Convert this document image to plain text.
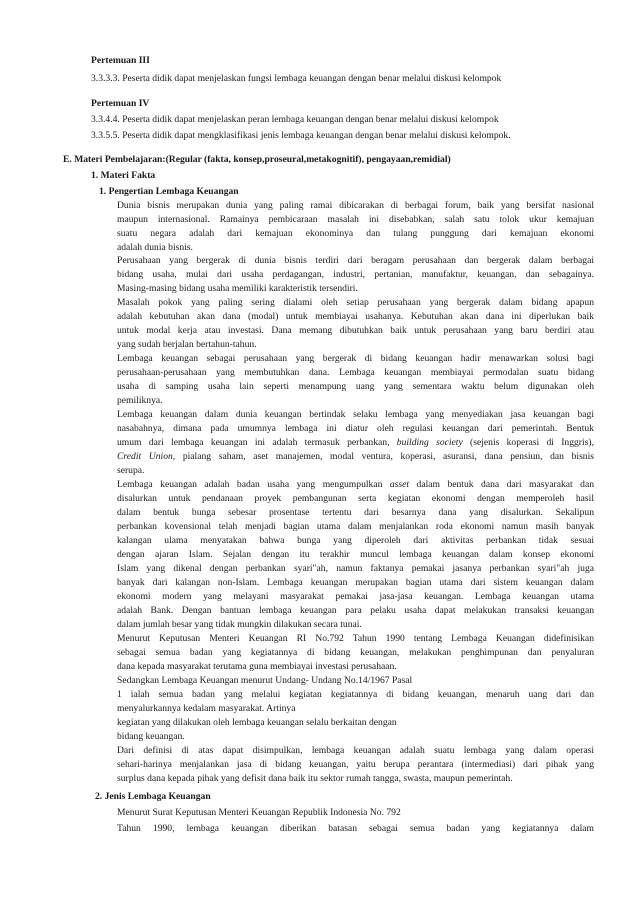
Pertemuan III

3.3.3.3. Peserta didik dapat menjelaskan fungsi lembaga keuangan dengan benar melalui diskusi kelompok

Pertemuan IV

3.3.4.4. Peserta didik dapat menjelaskan peran lembaga keuangan dengan benar melalui diskusi kelompok

3.3.5.5. Peserta didik dapat mengklasifikasi jenis lembaga keuangan dengan benar melalui diskusi kelompok.

E. Materi Pembelajaran:(Regular (fakta, konsep,proseural,metakognitif), pengayaan,remidial)

1. Materi Fakta

1. Pengertian Lembaga Keuangan

Dunia bisnis merupakan dunia yang paling ramai dibicarakan di berbagai forum, baik yang bersifat nasional

maupun internasional. Ramainya pembicaraan masalah ini disebabkan, salah satu tolok ukur kemajuan

suatu negara adalah dari kemajuan ekonominya dan tulang punggung dari kemajuan ekonomi

adalah dunia bisnis.

Perusahaan yang bergerak di dunia bisnis terdiri dari beragam perusahaan dan bergerak dalam berbagai

bidang usaha, mulai dari usaha perdagangan, industri, pertanian, manufaktur, keuangan, dan sebagainya.

Masing-masing bidang usaha memiliki karakteristik tersendiri.

Masalah pokok yang paling sering dialami oleh setiap perusahaan yang bergerak dalam bidang apapun

adalah kebutuhan akan dana (modal) untuk membiayai usahanya. Kebutuhan akan dana ini diperlukan baik

untuk modal kerja atau investasi. Dana memang dibutuhkan baik untuk perusahaan yang baru berdiri atau

yang sudah berjalan bertahun-tahun.

Lembaga keuangan sebagai perusahaan yang bergerak di bidang keuangan hadir menawarkan solusi bagi

perusahaan-perusahaan yang membutuhkan dana. Lembaga keuangan membiayai permodalan suatu bidang

usaha di samping usaha lain seperti menampung uang yang sementara waktu belum digunakan oleh

pemiliknya.

Lembaga keuangan dalam dunia keuangan bertindak selaku lembaga yang menyediakan jasa keuangan bagi

nasabahnya, dimana pada umumnya lembaga ini diatur oleh regulasi keuangan dari pemerintah. Bentuk

umum dari lembaga keuangan ini adalah termasuk perbankan, building society (sejenis koperasi di Inggris),

Credit Union, pialang saham, aset manajemen, modal ventura, koperasi, asuransi, dana pensiun, dan bisnis

serupa.

Lembaga keuangan adalah badan usaha yang mengumpulkan asset dalam bentuk dana dari masyarakat dan

disalurkan untuk pendanaan proyek pembangunan serta kegiatan ekonomi dengan memperoleh hasil

dalam bentuk bunga sebesar prosentase tertentu dari besarnya dana yang disalurkan. Sekalipun

perbankan kovensional telah menjadi bagian utama dalam menjalankan roda ekonomi namun masih banyak

kalangan ulama menyatakan bahwa bunga yang diperoleh dari aktivitas perbankan tidak sesuai

dengan ajaran Islam. Sejalan dengan itu terakhir muncul lembaga keuangan dalam konsep ekonomi

Islam yang dikenal dengan perbankan syari"ah, namun faktanya pemakai jasanya perbankan syari"ah juga

banyak dari kalangan non-Islam. Lembaga keuangan merupakan bagian utama dari sistem keuangan dalam

ekonomi modern yang melayani masyarakat pemakai jasa-jasa keuangan. Lembaga keuangan utama

adalah Bank. Dengan bantuan lembaga keuangan para pelaku usaha dapat melakukan transaksi keuangan

dalam jumlah besar yang tidak mungkin dilakukan secara tunai.

Menurut Keputusan Menteri Keuangan RI No.792 Tahun 1990 tentang Lembaga Keuangan didefinisikan

sebagai semua badan yang kegiatannya di bidang keuangan, melakukan penghimpunan dan penyaluran

dana kepada masyarakat terutama guna membiayai investasi perusahaan.

Sedangkan Lembaga Keuangan menurut Undang- Undang No.14/1967 Pasal

1 ialah semua badan yang melalui kegiatan kegiatannya di bidang keuangan, menaruh uang dari dan

menyalurkannya kedalam masyarakat. Artinya

kegiatan yang dilakukan oleh lembaga keuangan selalu berkaitan dengan

bidang keuangan.

Dari definisi di atas dapat disimpulkan, lembaga keuangan adalah suatu lembaga yang dalam operasi

sehari-harinya menjalankan jasa di bidang keuangan, yaitu berupa perantara (intermediasi) dari pihak yang

surplus dana kepada pihak yang defisit dana baik itu sektor rumah tangga, swasta, maupun pemerintah.

2. Jenis Lembaga Keuangan

Menurut Surat Keputusan Menteri Keuangan Republik Indonesia No. 792

Tahun 1990, lembaga keuangan diberikan batasan sebagai semua badan yang kegiatannya dalam
